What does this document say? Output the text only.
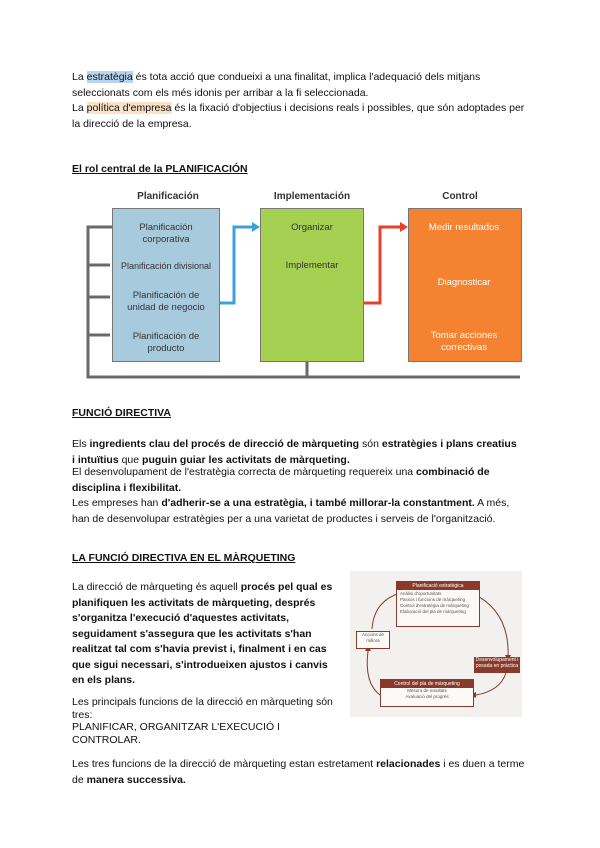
La estratègia és tota acció que condueixi a una finalitat, implica l'adequació dels mitjans seleccionats com els més idonis per arribar a la fi seleccionada.
La política d'empresa és la fixació d'objectius i decisions reals i possibles, que són adoptades per la direcció de la empresa.
El rol central de la PLANIFICACIÓN
Planificación	Implementación	Control
Planificación corporativa
Planificación divisional
Planificación de unidad de negocio
Planificación de producto
Organizar
Implementar
Medir resultados
Diagnosticar
Tomar acciones correctivas
FUNCIÓ DIRECTIVA
Els ingredients clau del procés de direcció de màrqueting són estratègies i plans creatius i intuïtius que puguin guiar les activitats de màrqueting.
El desenvolupament de l'estratègia correcta de màrqueting requereix una combinació de disciplina i flexibilitat.
Les empreses han d'adherir-se a una estratègia, i també millorar-la constantment. A més, han de desenvolupar estratègies per a una varietat de productes i serveis de l'organització.
LA FUNCIÓ DIRECTIVA EN EL MÀRQUETING
La direcció de màrqueting és aquell procés pel qual es planifiquen les activitats de màrqueting, després s'organitza l'execució d'aquestes activitats, seguidament s'assegura que les activitats s'han realitzat tal com s'havia previst i, finalment i en cas que sigui necessari, s'introdueixen ajustos i canvis en els plans.
Les principals funcions de la direcció en màrqueting són tres:
PLANIFICAR, ORGANITZAR L'EXECUCIÓ I CONTROLAR.
Les tres funcions de la direcció de màrqueting estan estretament relacionades i es duen a terme de manera successiva.
Planificació estratègica
Anàlisi d'oportunitats
Passos i funcions de màrqueting
Control d'estratègia de màrqueting
Elaboració del pla de màrqueting
Desenvolupament i posada en pràctica
Control del pla de màrqueting
Mesura de resultats
Avaluació del progrés
Accions de millora
